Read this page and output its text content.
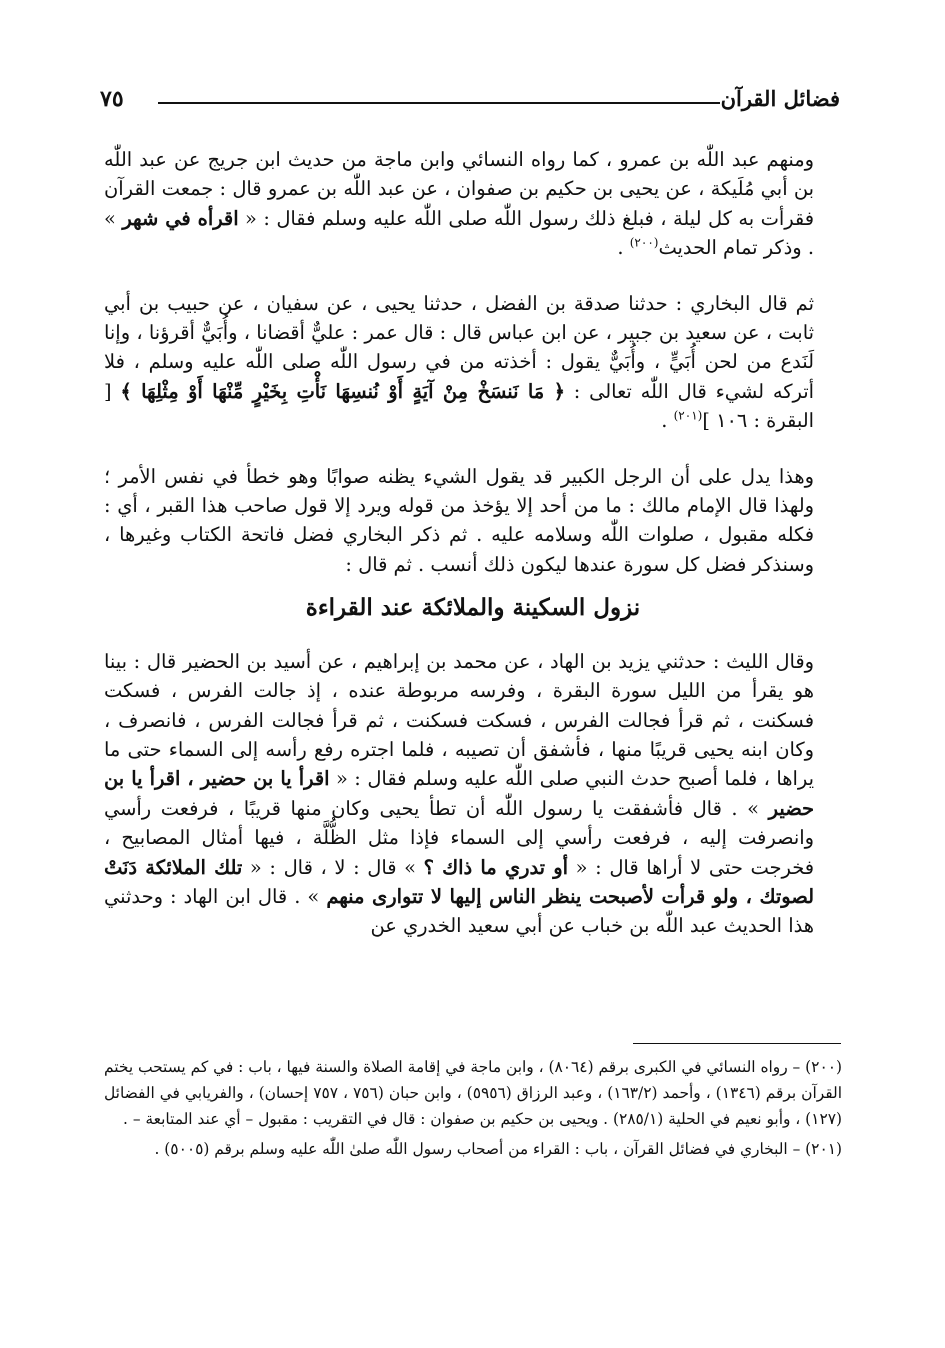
فضائل القرآن
٧٥

ومنهم عبد اللّٰه بن عمرو ، كما رواه النسائي وابن ماجة من حديث ابن جريج عن عبد اللّٰه بن أبي مُلَيكة ، عن يحيى بن حكيم بن صفوان ، عن عبد اللّٰه بن عمرو قال : جمعت القرآن فقرأت به كل ليلة ، فبلغ ذلك رسول اللّٰه صلى اللّٰه عليه وسلم فقال : « اقرأه في شهر » . وذكر تمام الحديث$^{(٢٠٠)}$ .

ثم قال البخاري : حدثنا صدقة بن الفضل ، حدثنا يحيى ، عن سفيان ، عن حبيب بن أبي ثابت ، عن سعيد بن جبير ، عن ابن عباس قال : قال عمر : عليٌّ أقضانا ، وأُبَيٌّ أقرؤنا ، وإنا لَنَدع من لحن أُبَيٍّ ، وأُبَيٌّ يقول : أخذته من في رسول اللّٰه صلى اللّٰه عليه وسلم ، فلا أتركه لشيء قال اللّٰه تعالى : ﴿ مَا نَنسَخْ مِنْ آيَةٍ أَوْ نُنسِهَا نَأْتِ بِخَيْرٍ مِّنْهَا أَوْ مِثْلِهَا ﴾ [ البقرة : ١٠٦ ]$^{(٢٠١)}$ .

وهذا يدل على أن الرجل الكبير قد يقول الشيء يظنه صوابًا وهو خطأ في نفس الأمر ؛ ولهذا قال الإمام مالك : ما من أحد إلا يؤخذ من قوله ويرد إلا قول صاحب هذا القبر ، أي : فكله مقبول ، صلوات اللّٰه وسلامه عليه . ثم ذكر البخاري فضل فاتحة الكتاب وغيرها ، وسنذكر فضل كل سورة عندها ليكون ذلك أنسب . ثم قال :

نزول السكينة والملائكة عند القراءة

وقال الليث : حدثني يزيد بن الهاد ، عن محمد بن إبراهيم ، عن أسيد بن الحضير قال : بينا هو يقرأ من الليل سورة البقرة ، وفرسه مربوطة عنده ، إذ جالت الفرس ، فسكت فسكنت ، ثم قرأ فجالت الفرس ، فسكت فسكنت ، ثم قرأ فجالت الفرس ، فانصرف ، وكان ابنه يحيى قريبًا منها ، فأشفق أن تصيبه ، فلما اجتره رفع رأسه إلى السماء حتى ما يراها ، فلما أصبح حدث النبي صلى اللّٰه عليه وسلم فقال : « اقرأ يا بن حضير ، اقرأ يا بن حضير » . قال فأشفقت يا رسول اللّٰه أن تطأ يحيى وكان منها قريبًا ، فرفعت رأسي وانصرفت إليه ، فرفعت رأسي إلى السماء فإذا مثل الظُّلَّة ، فيها أمثال المصابيح ، فخرجت حتى لا أراها قال : « أو تدري ما ذاك ؟ » قال : لا ، قال : « تلك الملائكة دَنَتْ لصوتك ، ولو قرأت لأصبحت ينظر الناس إليها لا تتوارى منهم » . قال ابن الهاد : وحدثني هذا الحديث عبد اللّٰه بن خباب عن أبي سعيد الخدري عن

(٢٠٠) – رواه النسائي في الكبرى برقم (٨٠٦٤) ، وابن ماجة في إقامة الصلاة والسنة فيها ، باب : في كم يستحب يختم القرآن برقم (١٣٤٦) ، وأحمد (١٦٣/٢) ، وعبد الرزاق (٥٩٥٦) ، وابن حبان (٧٥٦ ، ٧٥٧ إحسان) ، والفريابي في الفضائل (١٢٧) ، وأبو نعيم في الحلية (٢٨٥/١) . ويحيى بن حكيم بن صفوان : قال في التقريب : مقبول – أي عند المتابعة – .

(٢٠١) – البخاري في فضائل القرآن ، باب : القراء من أصحاب رسول اللّٰه صلىٰ اللّٰه عليه وسلم برقم (٥٠٠٥) .
